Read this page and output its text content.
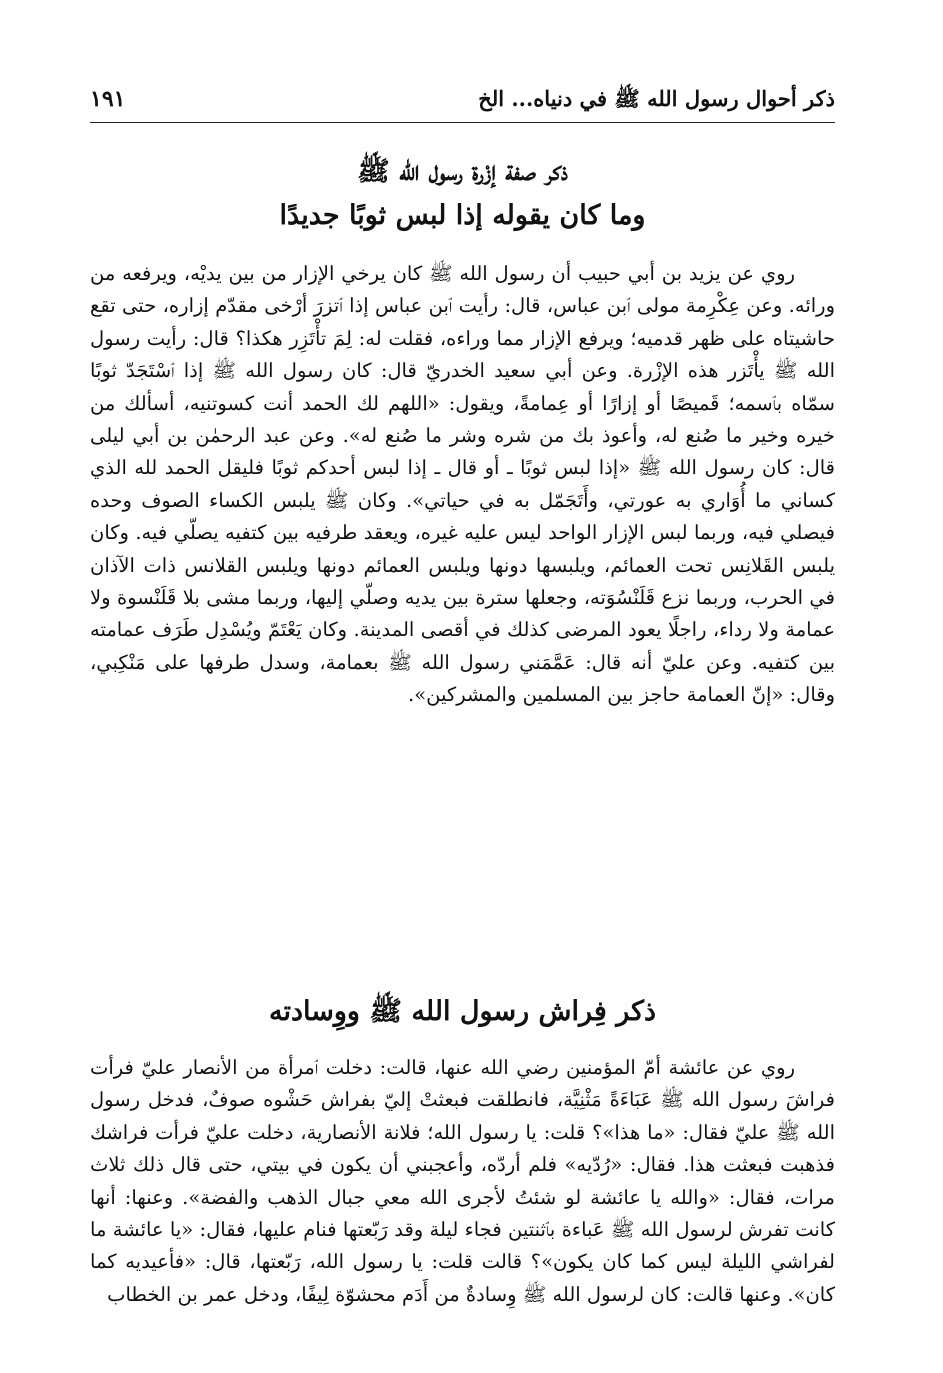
ذكر أحوال رسول الله ﷺ في دنياه... الخ
١٩١
ذكر صفة إزْرة رسول الله ﷺ
وما كان يقوله إذا لبس ثوبًا جديدًا

روي عن يزيد بن أبي حبيب أن رسول الله ﷺ كان يرخي الإزار من بين يديْه، ويرفعه من ورائه. وعن عِكْرِمة مولى ٱبن عباس، قال: رأيت ٱبن عباس إذا ٱتزرَ أرْخى مقدّم إزاره، حتى تقع حاشيتاه على ظهر قدميه؛ ويرفع الإزار مما وراءه، فقلت له: لِمَ تأْتَزِر هكذا؟ قال: رأيت رسول الله ﷺ يأْتَزر هذه الإزْرة. وعن أبي سعيد الخدريّ قال: كان رسول الله ﷺ إذا ٱسْتَجَدّ ثوبًا سمّاه بٱسمه؛ قَميصًا أو إزارًا أو عِمامةً، ويقول: «اللهم لك الحمد أنت كسوتنيه، أسألك من خيره وخير ما صُنع له، وأعوذ بك من شره وشر ما صُنع له». وعن عبد الرحمٰن بن أبي ليلى قال: كان رسول الله ﷺ «إذا لبس ثوبًا ـ أو قال ـ إذا لبس أحدكم ثوبًا فليقل الحمد لله الذي كساني ما أُوَاري به عورتي، وأَتَجَمّل به في حياتي». وكان ﷺ يلبس الكساء الصوف وحده فيصلي فيه، وربما لبس الإزار الواحد ليس عليه غيره، ويعقد طرفيه بين كتفيه يصلّي فيه. وكان يلبس القَلانِس تحت العمائم، ويلبسها دونها ويلبس العمائم دونها ويلبس القلانس ذات الآذان في الحرب، وربما نزع قَلَنْسُوَته، وجعلها سترة بين يديه وصلّي إليها، وربما مشى بلا قَلَنْسوة ولا عمامة ولا رداء، راجلًا يعود المرضى كذلك في أقصى المدينة. وكان يَعْتَمّ ويُسْدِل طَرَف عمامته بين كتفيه. وعن عليّ أنه قال: عَمَّمَني رسول الله ﷺ بعمامة، وسدل طرفها على مَنْكِبي، وقال: «إنّ العمامة حاجز بين المسلمين والمشركين».

ذكر فِراش رسول الله ﷺ ووِسادته

روي عن عائشة أمّ المؤمنين رضي الله عنها، قالت: دخلت ٱمرأة من الأنصار عليّ فرأت فراشَ رسول الله ﷺ عَبَاءَةً مَثْنِيَّة، فانطلقت فبعثتْ إليّ بفراش حَشْوه صوفٌ، فدخل رسول الله ﷺ عليّ فقال: «ما هذا»؟ قلت: يا رسول الله؛ فلانة الأنصارية، دخلت عليّ فرأت فراشك فذهبت فبعثت هذا. فقال: «رُدّيه» فلم أردّه، وأعجبني أن يكون في بيتي، حتى قال ذلك ثلاث مرات، فقال: «والله يا عائشة لو شئتُ لأجرى الله معي جبال الذهب والفضة». وعنها: أنها كانت تفرش لرسول الله ﷺ عَباءة بٱثنتين فجاء ليلة وقد رَبّعتها فنام عليها، فقال: «يا عائشة ما لفراشي الليلة ليس كما كان يكون»؟ قالت قلت: يا رسول الله، رَبّعتها، قال: «فأعيديه كما كان». وعنها قالت: كان لرسول الله ﷺ وِسادةٌ من أَدَم محشوّة لِيفًا، ودخل عمر بن الخطاب
